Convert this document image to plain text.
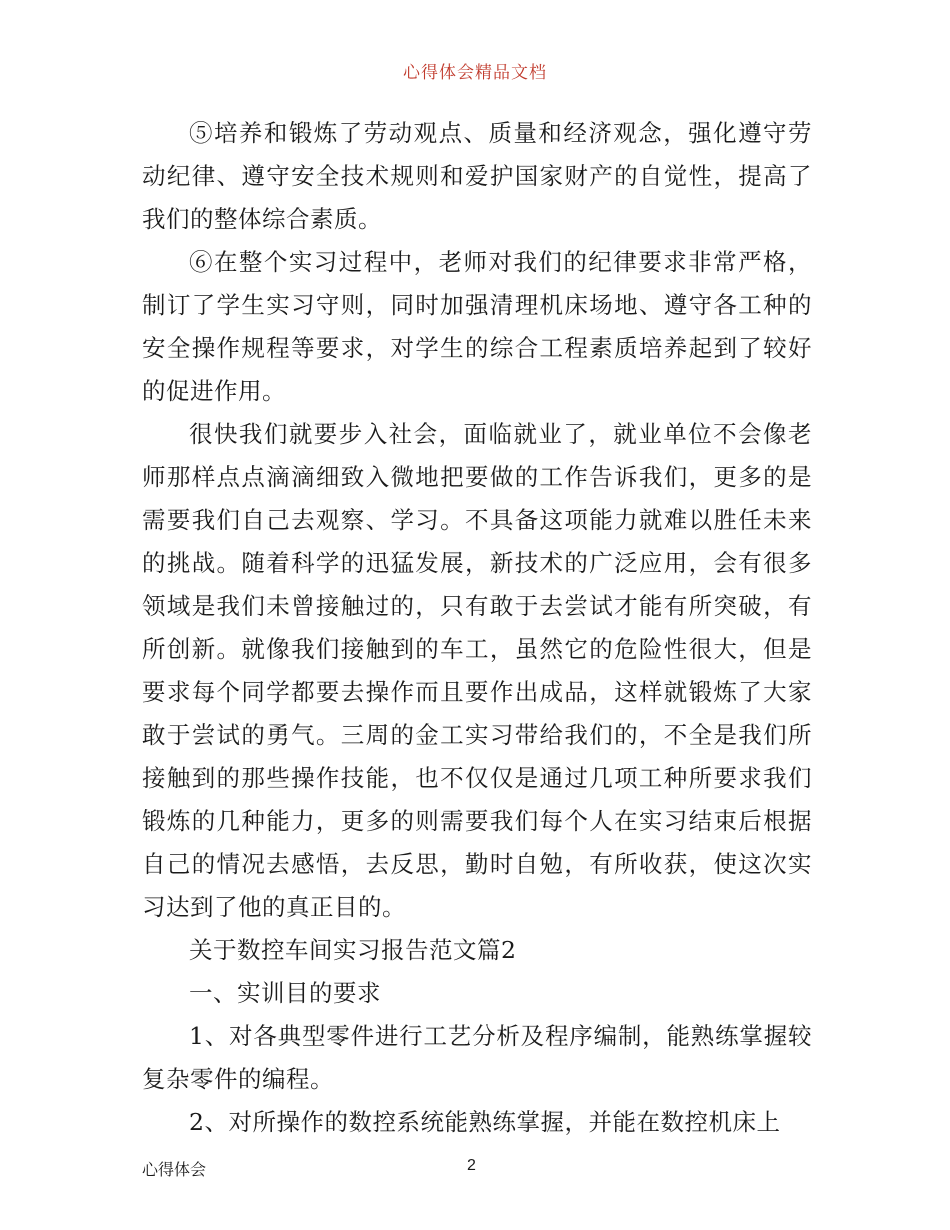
心得体会精品文档

⑤培养和锻炼了劳动观点、质量和经济观念，强化遵守劳动纪律、遵守安全技术规则和爱护国家财产的自觉性，提高了我们的整体综合素质。

⑥在整个实习过程中，老师对我们的纪律要求非常严格，制订了学生实习守则，同时加强清理机床场地、遵守各工种的安全操作规程等要求，对学生的综合工程素质培养起到了较好的促进作用。

很快我们就要步入社会，面临就业了，就业单位不会像老师那样点点滴滴细致入微地把要做的工作告诉我们，更多的是需要我们自己去观察、学习。不具备这项能力就难以胜任未来的挑战。随着科学的迅猛发展，新技术的广泛应用，会有很多领域是我们未曾接触过的，只有敢于去尝试才能有所突破，有所创新。就像我们接触到的车工，虽然它的危险性很大，但是要求每个同学都要去操作而且要作出成品，这样就锻炼了大家敢于尝试的勇气。三周的金工实习带给我们的，不全是我们所接触到的那些操作技能，也不仅仅是通过几项工种所要求我们锻炼的几种能力，更多的则需要我们每个人在实习结束后根据自己的情况去感悟，去反思，勤时自勉，有所收获，使这次实习达到了他的真正目的。

关于数控车间实习报告范文篇2

一、实训目的要求

1、对各典型零件进行工艺分析及程序编制，能熟练掌握较复杂零件的编程。

2、对所操作的数控系统能熟练掌握，并能在数控机床上

心得体会	2
